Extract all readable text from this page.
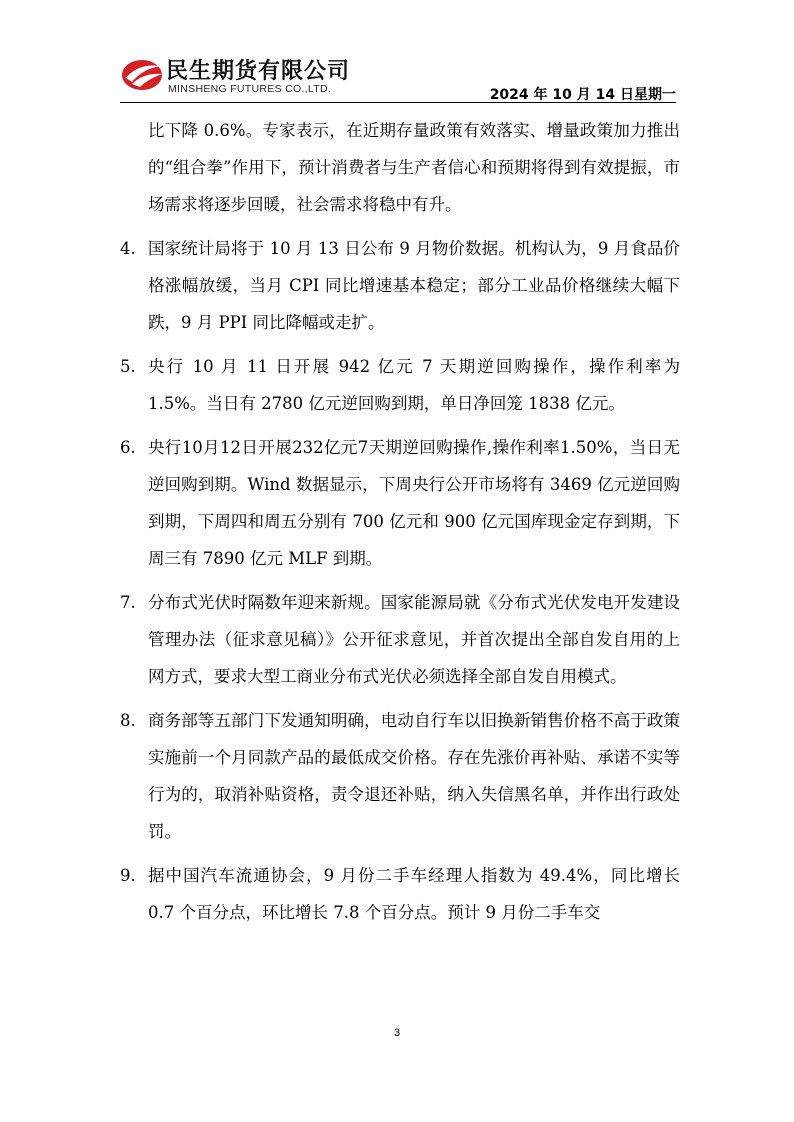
民生期货有限公司
MINSHENG FUTURES CO.,LTD.	2024 年 10 月 14 日星期一

比下降 0.6%。专家表示，在近期存量政策有效落实、增量政策加力推出的“组合拳”作用下，预计消费者与生产者信心和预期将得到有效提振，市场需求将逐步回暖，社会需求将稳中有升。

4. 国家统计局将于 10 月 13 日公布 9 月物价数据。机构认为，9 月食品价格涨幅放缓，当月 CPI 同比增速基本稳定；部分工业品价格继续大幅下跌，9 月 PPI 同比降幅或走扩。
5. 央行 10 月 11 日开展 942 亿元 7 天期逆回购操作，操作利率为 1.5%。当日有 2780 亿元逆回购到期，单日净回笼 1838 亿元。
6. 央行10月12日开展232亿元7天期逆回购操作,操作利率1.50%，当日无逆回购到期。Wind 数据显示，下周央行公开市场将有 3469 亿元逆回购到期，下周四和周五分别有 700 亿元和 900 亿元国库现金定存到期，下周三有 7890 亿元 MLF 到期。
7. 分布式光伏时隔数年迎来新规。国家能源局就《分布式光伏发电开发建设管理办法（征求意见稿）》公开征求意见，并首次提出全部自发自用的上网方式，要求大型工商业分布式光伏必须选择全部自发自用模式。
8. 商务部等五部门下发通知明确，电动自行车以旧换新销售价格不高于政策实施前一个月同款产品的最低成交价格。存在先涨价再补贴、承诺不实等行为的，取消补贴资格，责令退还补贴，纳入失信黑名单，并作出行政处罚。
9. 据中国汽车流通协会，9 月份二手车经理人指数为 49.4%，同比增长 0.7 个百分点，环比增长 7.8 个百分点。预计 9 月份二手车交
3
